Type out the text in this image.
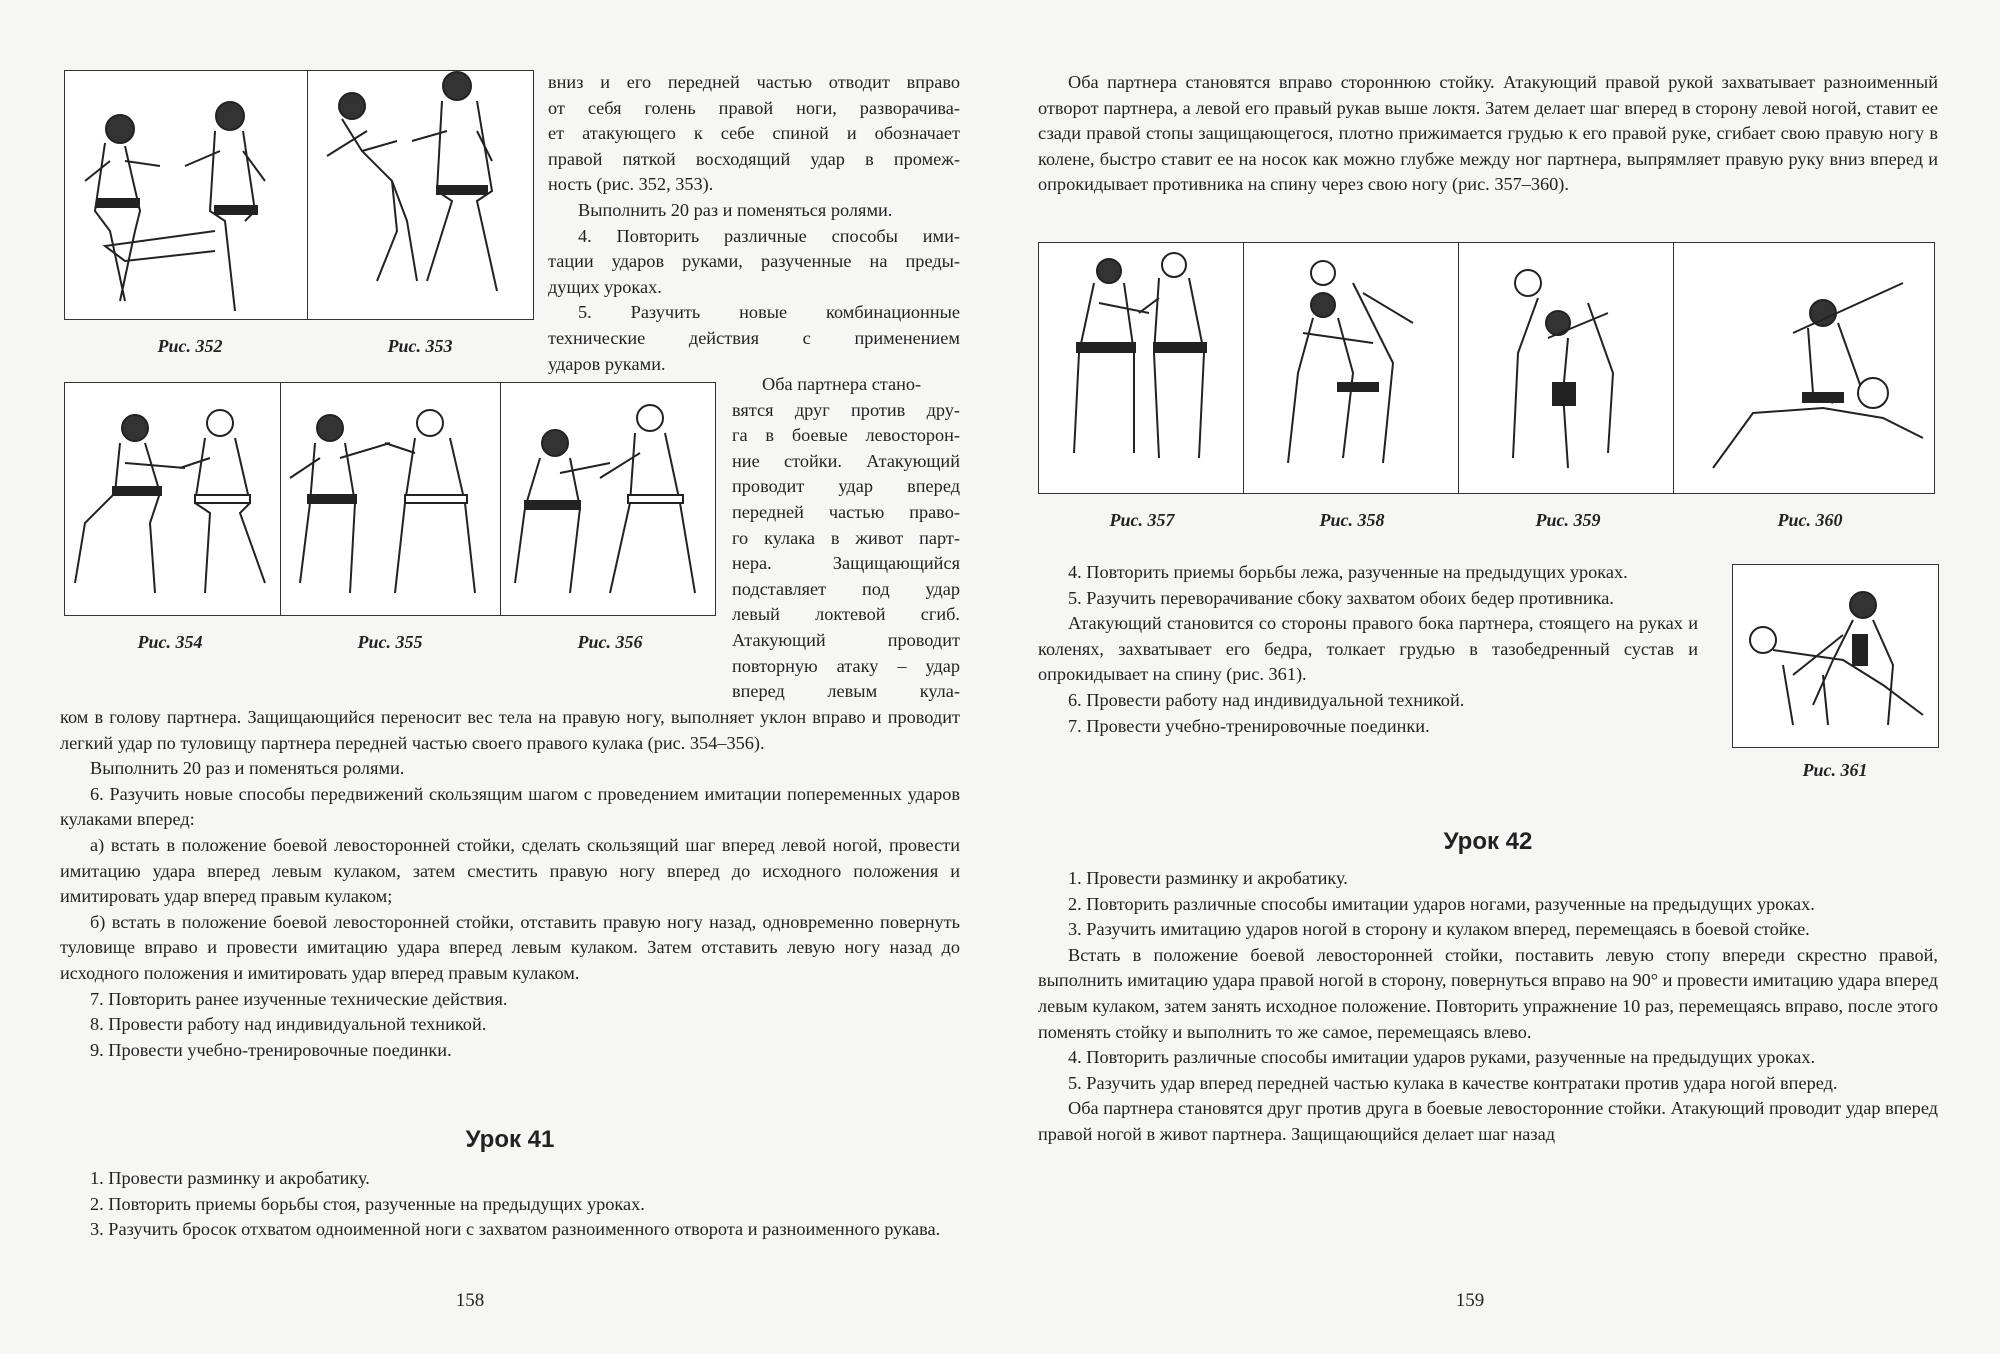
Рис. 352	Рис. 353

вниз и его передней частью отводит вправо

от себя голень правой ноги, разворачива-

ет атакующего к себе спиной и обозначает

правой пяткой восходящий удар в промеж-

ность (рис. 352, 353).

Выполнить 20 раз и поменяться ролями.

4. Повторить различные способы ими-

тации ударов руками, разученные на преды-

дущих уроках.

5. Разучить новые комбинационные

технические действия с применением

ударов руками.

Рис. 354	Рис. 355	Рис. 356

Оба партнера стано-

вятся друг против дру-

га в боевые левосторон-

ние стойки. Атакующий

проводит удар вперед

передней частью право-

го кулака в живот парт-

нера. Защищающийся

подставляет под удар

левый локтевой сгиб.

Атакующий проводит

повторную атаку – удар

вперед левым кула-

ком в голову партнера. Защищающийся переносит вес тела на правую ногу, выполняет уклон вправо и проводит легкий удар по туловищу партнера передней частью своего правого кулака (рис. 354–356).

Выполнить 20 раз и поменяться ролями.

6. Разучить новые способы передвижений скользящим шагом с проведением имитации попеременных ударов кулаками вперед:

а) встать в положение боевой левосторонней стойки, сделать скользящий шаг вперед левой ногой, провести имитацию удара вперед левым кулаком, затем сместить правую ногу вперед до исходного положения и имитировать удар вперед правым кулаком;

б) встать в положение боевой левосторонней стойки, отставить правую ногу назад, одновременно повернуть туловище вправо и провести имитацию удара вперед левым кулаком. Затем отставить левую ногу назад до исходного положения и имитировать удар вперед правым кулаком.

7. Повторить ранее изученные технические действия.

8. Провести работу над индивидуальной техникой.

9. Провести учебно-тренировочные поединки.

Урок 41

1. Провести разминку и акробатику.

2. Повторить приемы борьбы стоя, разученные на предыдущих уроках.

3. Разучить бросок отхватом одноименной ноги с захватом разноименного отворота и разноименного рукава.

158

Оба партнера становятся вправо стороннюю стойку. Атакующий правой рукой захватывает разноименный отворот партнера, а левой его правый рукав выше локтя. Затем делает шаг вперед в сторону левой ногой, ставит ее сзади правой стопы защищающегося, плотно прижимается грудью к его правой руке, сгибает свою правую ногу в колене, быстро ставит ее на носок как можно глубже между ног партнера, выпрямляет правую руку вниз вперед и опрокидывает противника на спину через свою ногу (рис. 357–360).

Рис. 357	Рис. 358	Рис. 359	Рис. 360

4. Повторить приемы борьбы лежа, разученные на предыдущих уроках.

5. Разучить переворачивание сбоку захватом обоих бедер противника.

Атакующий становится со стороны правого бока партнера, стоящего на руках и коленях, захватывает его бедра, толкает грудью в тазобедренный сустав и опрокидывает на спину (рис. 361).

6. Провести работу над индивидуальной техникой.

7. Провести учебно-тренировочные поединки.

Рис. 361
Урок 42

1. Провести разминку и акробатику.

2. Повторить различные способы имитации ударов ногами, разученные на предыдущих уроках.

3. Разучить имитацию ударов ногой в сторону и кулаком вперед, перемещаясь в боевой стойке.

Встать в положение боевой левосторонней стойки, поставить левую стопу впереди скрестно правой, выполнить имитацию удара правой ногой в сторону, повернуться вправо на 90° и провести имитацию удара вперед левым кулаком, затем занять исходное положение. Повторить упражнение 10 раз, перемещаясь вправо, после этого поменять стойку и выполнить то же самое, перемещаясь влево.

4. Повторить различные способы имитации ударов руками, разученные на предыдущих уроках.

5. Разучить удар вперед передней частью кулака в качестве контратаки против удара ногой вперед.

Оба партнера становятся друг против друга в боевые левосторонние стойки. Атакующий проводит удар вперед правой ногой в живот партнера. Защищающийся делает шаг назад

159
